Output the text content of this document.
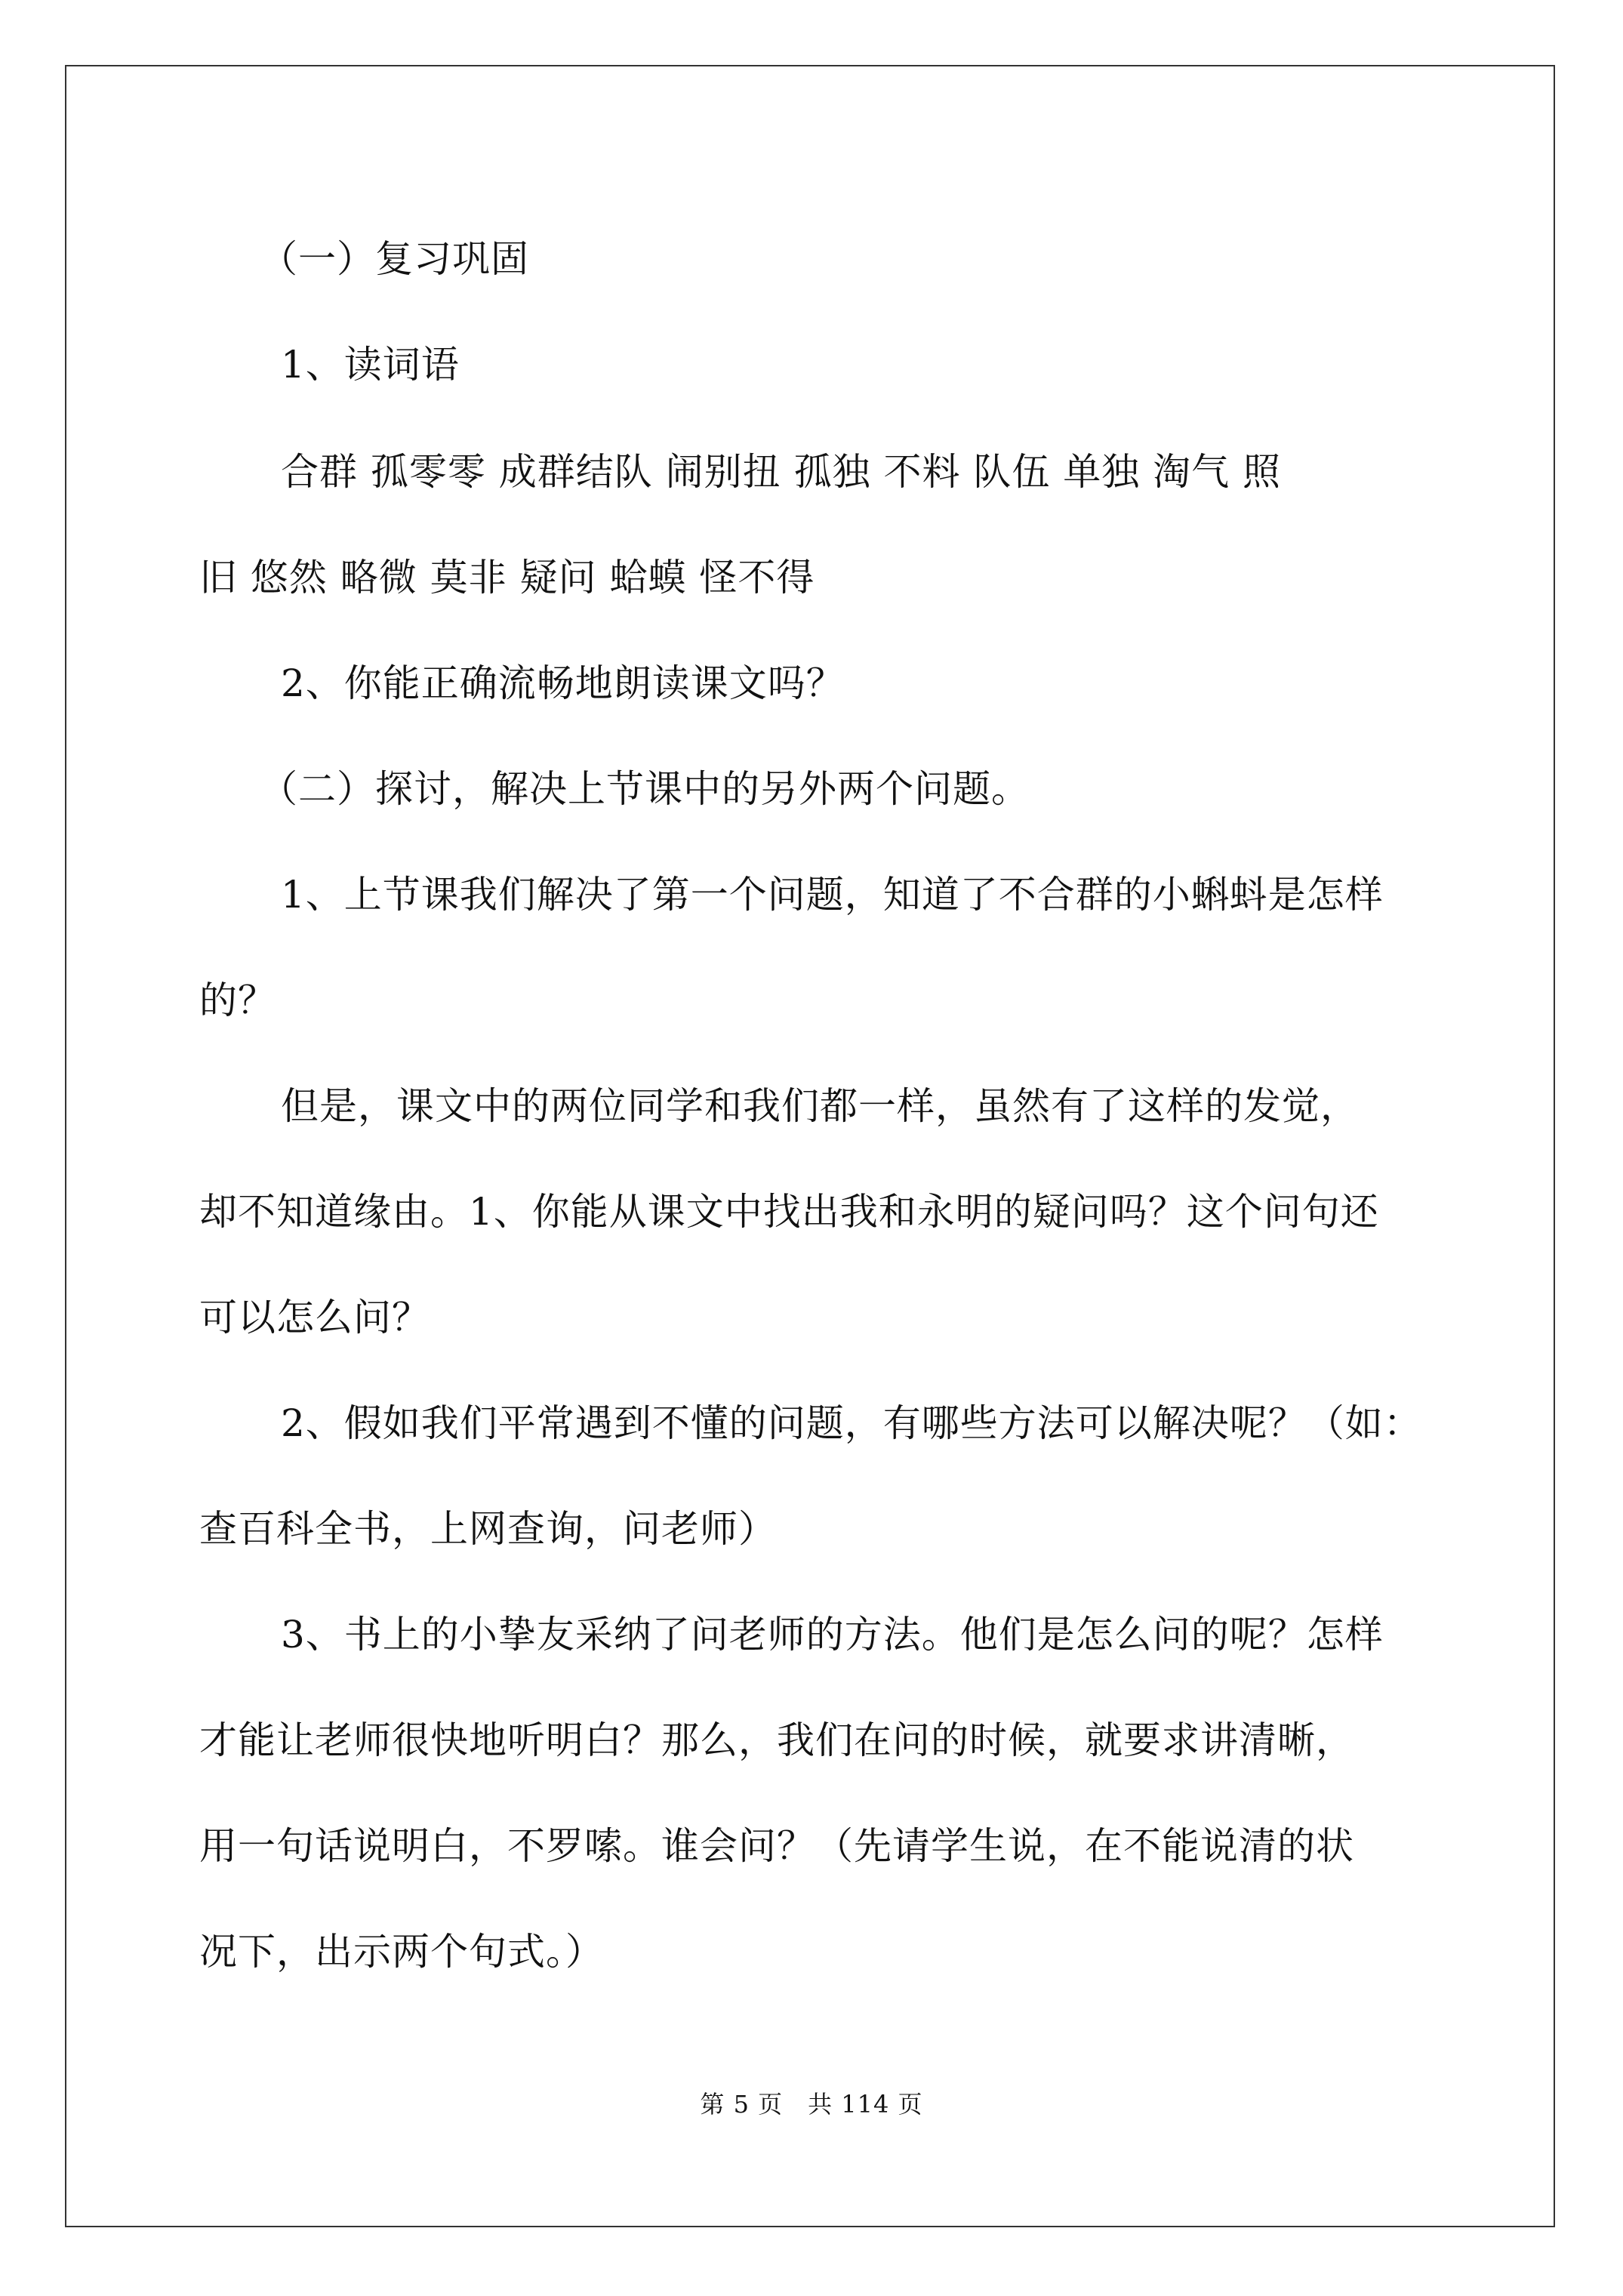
（一）复习巩固
1、读词语
合群 孤零零 成群结队 闹别扭 孤独 不料 队伍 单独 淘气 照
旧 悠然 略微 莫非 疑问 蛤蟆 怪不得
2、你能正确流畅地朗读课文吗？
（二）探讨，解决上节课中的另外两个问题。
1、上节课我们解决了第一个问题，知道了不合群的小蝌蚪是怎样
的？
但是，课文中的两位同学和我们都一样，虽然有了这样的发觉，
却不知道缘由。1、你能从课文中找出我和永明的疑问吗？这个问句还
可以怎么问？
2、假如我们平常遇到不懂的问题，有哪些方法可以解决呢？（如：
查百科全书，上网查询，问老师）
3、书上的小挚友采纳了问老师的方法。他们是怎么问的呢？怎样
才能让老师很快地听明白？那么，我们在问的时候，就要求讲清晰，
用一句话说明白，不罗嗦。谁会问？（先请学生说，在不能说清的状
况下，出示两个句式。）
第 5 页　共 114 页
